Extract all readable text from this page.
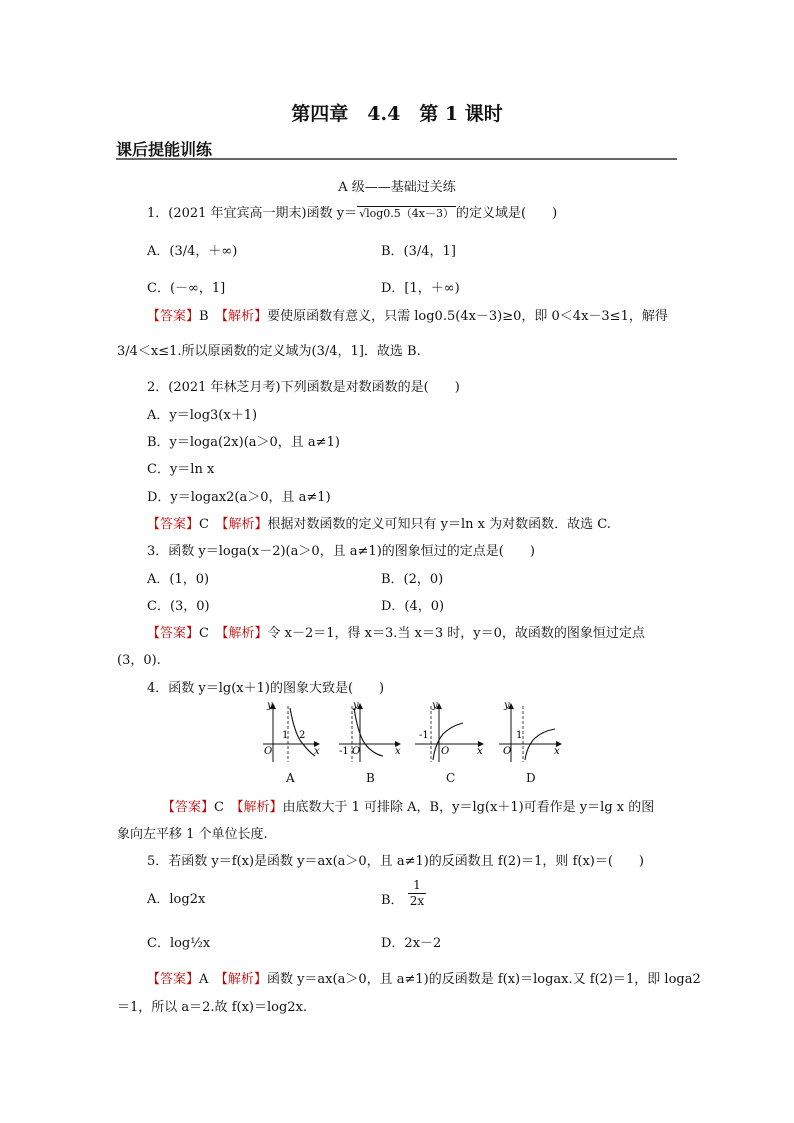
第四章　4.4　第 1 课时
课后提能训练
A 级——基础过关练
1．(2021 年宜宾高一期末)函数 y＝ √log0.5（4x－3） 的定义域是(　　)
A．(3/4，＋∞)	B．(3/4，1]
C．(－∞，1]	D．[1，＋∞)
【答案】B　 【解析】要使原函数有意义，只需 log0.5(4x－3)≥0，即 0＜4x－3≤1，解得
3/4＜x≤1.所以原函数的定义域为(3/4，1]．故选 B.
2．(2021 年林芝月考)下列函数是对数函数的是(　　)
A．y＝log3(x＋1)
B．y＝loga(2x)(a＞0，且 a≠1)
C．y＝ln x
D．y＝logax2(a＞0，且 a≠1)
【答案】C　 【解析】根据对数函数的定义可知只有 y＝ln x 为对数函数．故选 C.
3．函数 y＝loga(x－2)(a＞0，且 a≠1)的图象恒过的定点是(　　)
A．(1，0)	B．(2，0)
C．(3，0)	D．(4，0)
【答案】C　 【解析】令 x－2＝1，得 x＝3.当 x＝3 时，y＝0，故函数的图象恒过定点
(3，0).
4．函数 y＝lg(x＋1)的图象大致是(　　)
y
O
1 2
x
y
-1 O	x
y
-1
O	x
y
O
1
x
A	B	C	D
【答案】C　 【解析】由底数大于 1 可排除 A，B，y＝lg(x＋1)可看作是 y＝lg x 的图
象向左平移 1 个单位长度.
5．若函数 y＝f(x)是函数 y＝ax(a＞0，且 a≠1)的反函数且 f(2)＝1，则 f(x)＝(　　)
A．log2x	B． $\frac{1}{2x}$
C．log½x	D．2x－2
【答案】A　 【解析】函数 y＝ax(a＞0，且 a≠1)的反函数是 f(x)＝logax.又 f(2)＝1，即 loga2
＝1，所以 a＝2.故 f(x)＝log2x.
